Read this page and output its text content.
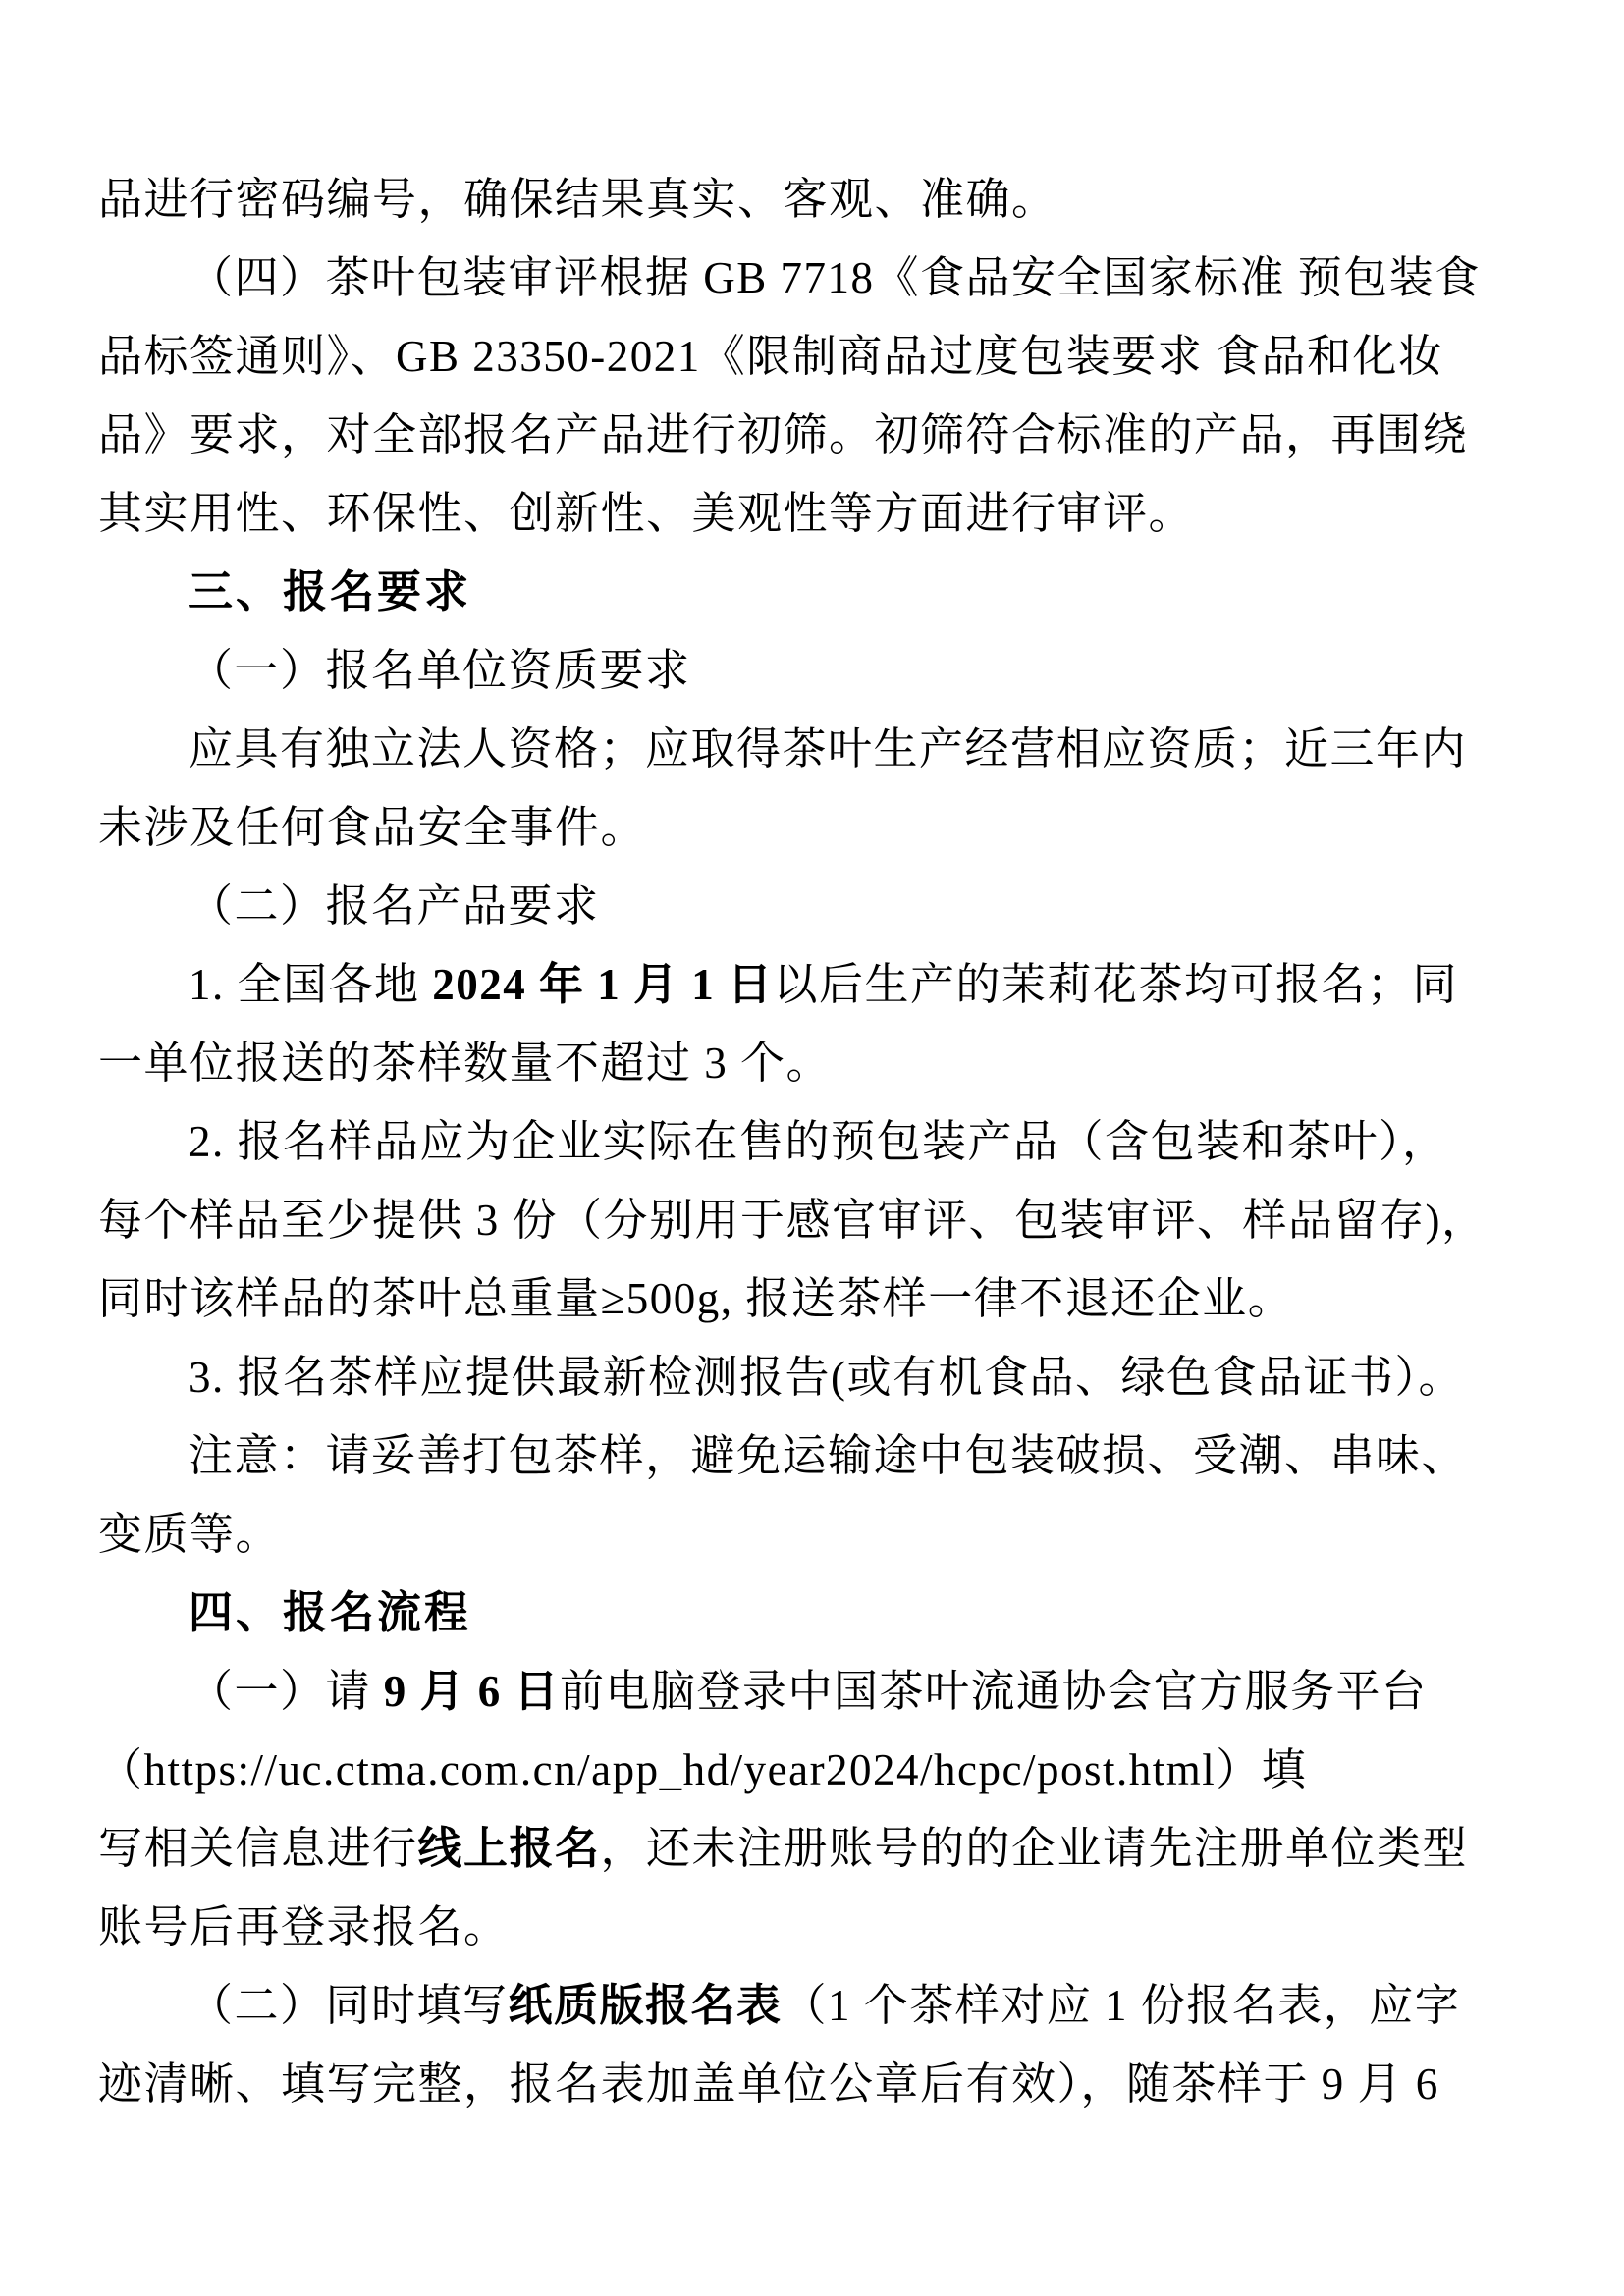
品进行密码编号，确保结果真实、客观、准确。
（四）茶叶包装审评根据 GB 7718《食品安全国家标准 预包装食
品标签通则》、GB 23350-2021《限制商品过度包装要求 食品和化妆
品》要求，对全部报名产品进行初筛。初筛符合标准的产品，再围绕
其实用性、环保性、创新性、美观性等方面进行审评。
三、报名要求
（一）报名单位资质要求
应具有独立法人资格；应取得茶叶生产经营相应资质；近三年内
未涉及任何食品安全事件。
（二）报名产品要求
1. 全国各地 2024 年 1 月 1 日以后生产的茉莉花茶均可报名；同
一单位报送的茶样数量不超过 3 个。
2. 报名样品应为企业实际在售的预包装产品（含包装和茶叶），
每个样品至少提供 3 份（分别用于感官审评、包装审评、样品留存)，
同时该样品的茶叶总重量≥500g, 报送茶样一律不退还企业。
3. 报名茶样应提供最新检测报告(或有机食品、绿色食品证书）。
注意：请妥善打包茶样，避免运输途中包装破损、受潮、串味、
变质等。
四、报名流程
（一）请 9 月 6 日前电脑登录中国茶叶流通协会官方服务平台
（https://uc.ctma.com.cn/app_hd/year2024/hcpc/post.html）填
写相关信息进行线上报名，还未注册账号的的企业请先注册单位类型
账号后再登录报名。
（二）同时填写纸质版报名表（1 个茶样对应 1 份报名表，应字
迹清晰、填写完整，报名表加盖单位公章后有效），随茶样于 9 月 6
